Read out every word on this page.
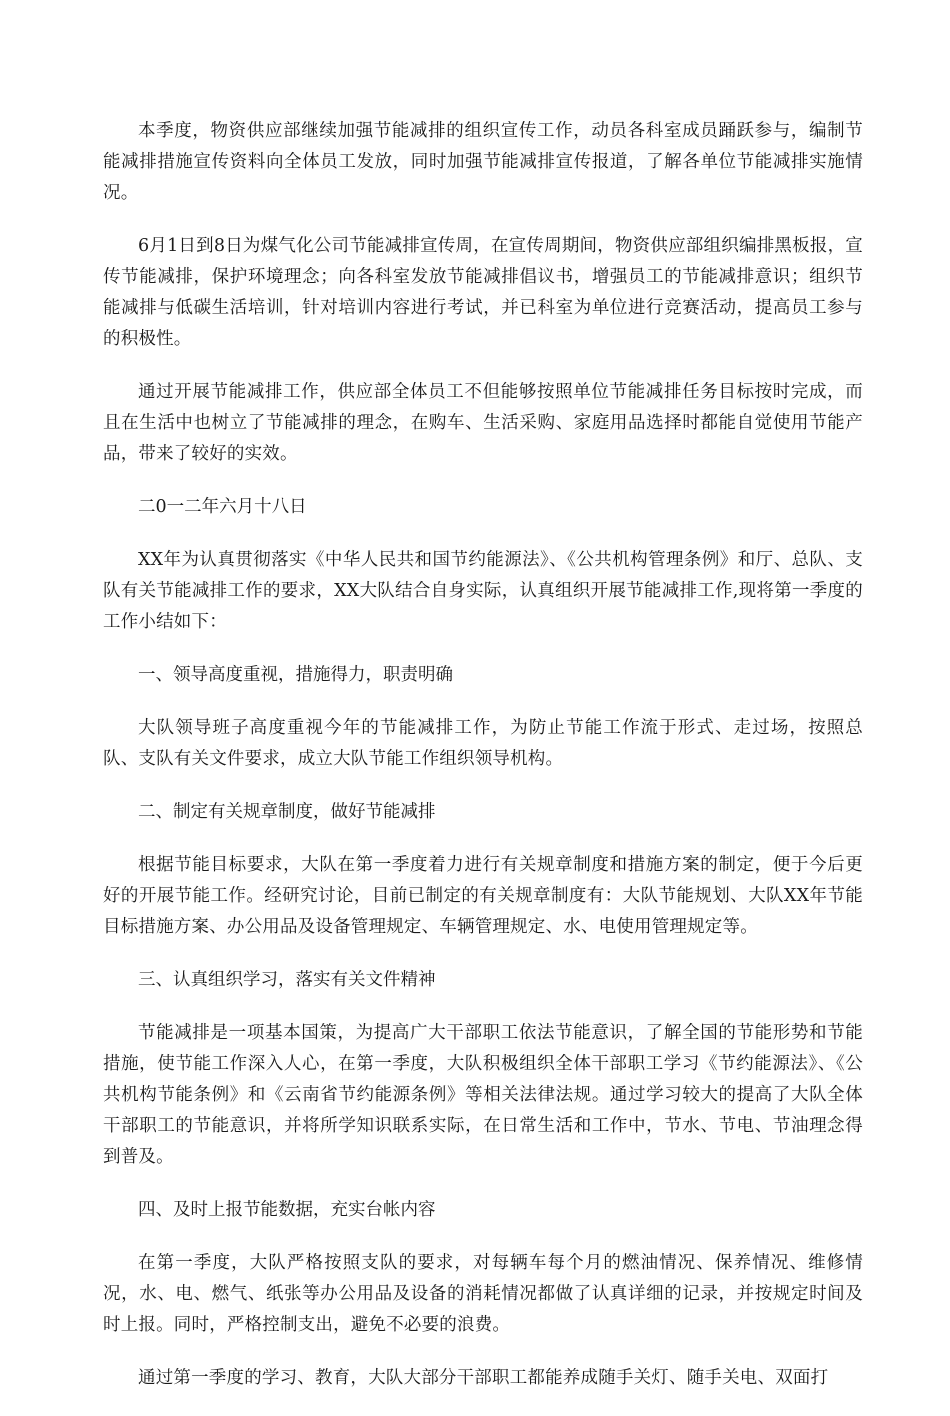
本季度，物资供应部继续加强节能减排的组织宣传工作，动员各科室成员踊跃参与，编制节能减排措施宣传资料向全体员工发放，同时加强节能减排宣传报道，了解各单位节能减排实施情况。

6月1日到8日为煤气化公司节能减排宣传周，在宣传周期间，物资供应部组织编排黑板报，宣传节能减排，保护环境理念；向各科室发放节能减排倡议书，增强员工的节能减排意识；组织节能减排与低碳生活培训，针对培训内容进行考试，并已科室为单位进行竞赛活动，提高员工参与的积极性。

通过开展节能减排工作，供应部全体员工不但能够按照单位节能减排任务目标按时完成，而且在生活中也树立了节能减排的理念，在购车、生活采购、家庭用品选择时都能自觉使用节能产品，带来了较好的实效。

二0一二年六月十八日

XX年为认真贯彻落实《中华人民共和国节约能源法》、《公共机构管理条例》和厅、总队、支队有关节能减排工作的要求，XX大队结合自身实际，认真组织开展节能减排工作,现将第一季度的工作小结如下：

一、领导高度重视，措施得力，职责明确

大队领导班子高度重视今年的节能减排工作，为防止节能工作流于形式、走过场，按照总队、支队有关文件要求，成立大队节能工作组织领导机构。

二、制定有关规章制度，做好节能减排

根据节能目标要求，大队在第一季度着力进行有关规章制度和措施方案的制定，便于今后更好的开展节能工作。经研究讨论，目前已制定的有关规章制度有：大队节能规划、大队XX年节能目标措施方案、办公用品及设备管理规定、车辆管理规定、水、电使用管理规定等。

三、认真组织学习，落实有关文件精神

节能减排是一项基本国策，为提高广大干部职工依法节能意识，了解全国的节能形势和节能措施，使节能工作深入人心，在第一季度，大队积极组织全体干部职工学习《节约能源法》、《公共机构节能条例》和《云南省节约能源条例》等相关法律法规。通过学习较大的提高了大队全体干部职工的节能意识，并将所学知识联系实际，在日常生活和工作中，节水、节电、节油理念得到普及。

四、及时上报节能数据，充实台帐内容

在第一季度，大队严格按照支队的要求，对每辆车每个月的燃油情况、保养情况、维修情况，水、电、燃气、纸张等办公用品及设备的消耗情况都做了认真详细的记录，并按规定时间及时上报。同时，严格控制支出，避免不必要的浪费。

通过第一季度的学习、教育，大队大部分干部职工都能养成随手关灯、随手关电、双面打
